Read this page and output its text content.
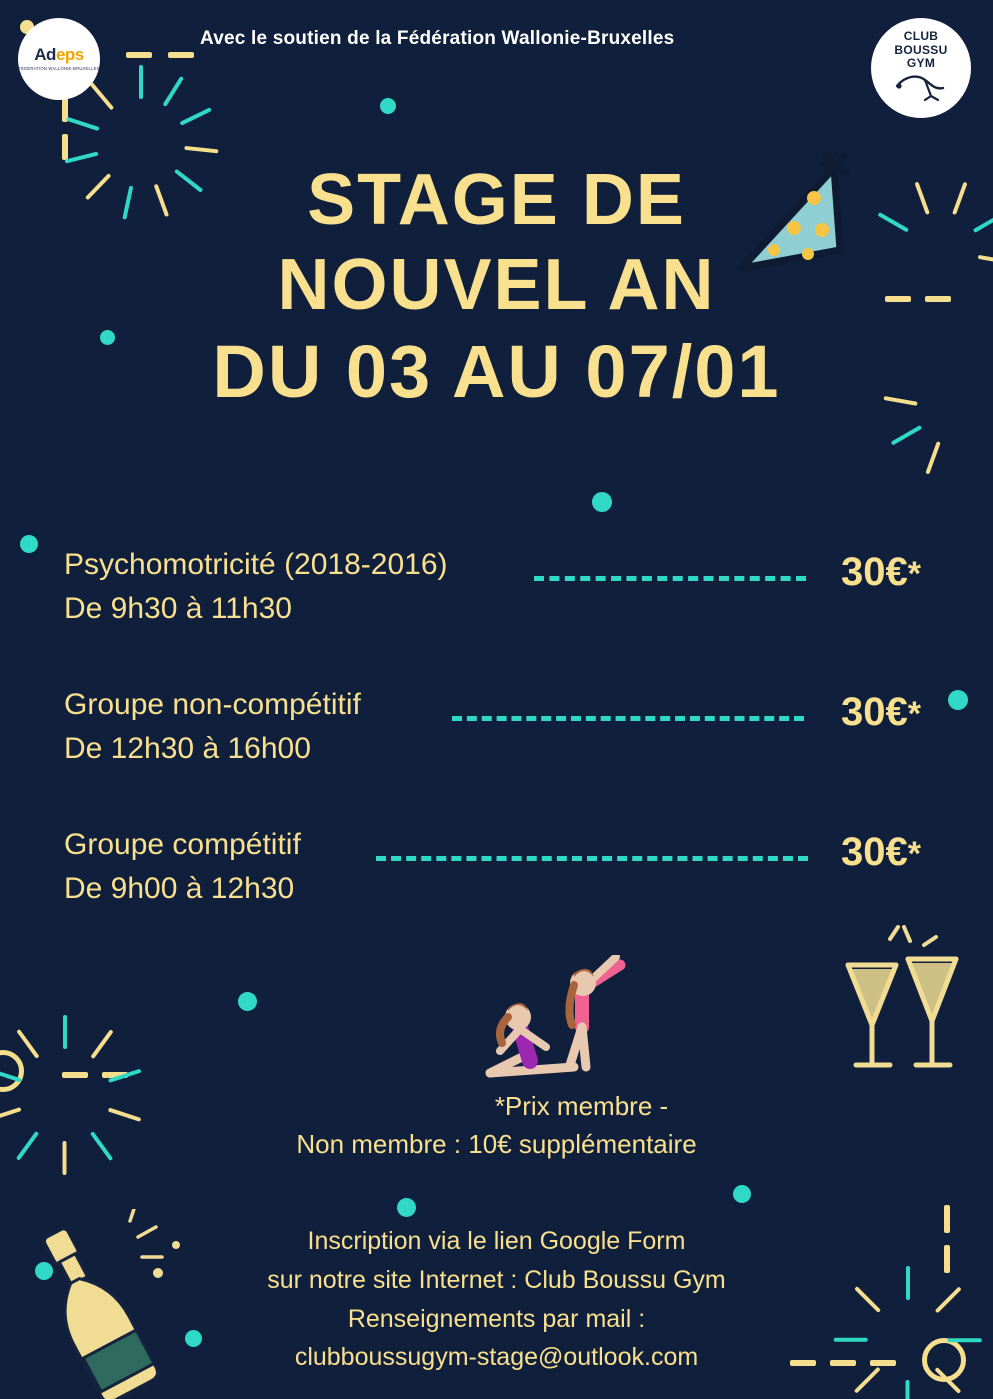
Adeps
FÉDÉRATION WALLONIE-BRUXELLES
CLUB
BOUSSU
GYM
Avec le soutien de la Fédération Wallonie-Bruxelles
STAGE DE
NOUVEL AN
DU 03 AU 07/01
Psychomotricité (2018-2016)	30€*
De 9h30 à 11h30
Groupe non-compétitif	30€*
De 12h30 à 16h00
Groupe compétitif	30€*
De 9h00 à 12h30
*Prix membre -
Non membre : 10€ supplémentaire
Inscription via le lien Google Form
sur notre site Internet : Club Boussu Gym
Renseignements par mail :
clubboussugym-stage@outlook.com
